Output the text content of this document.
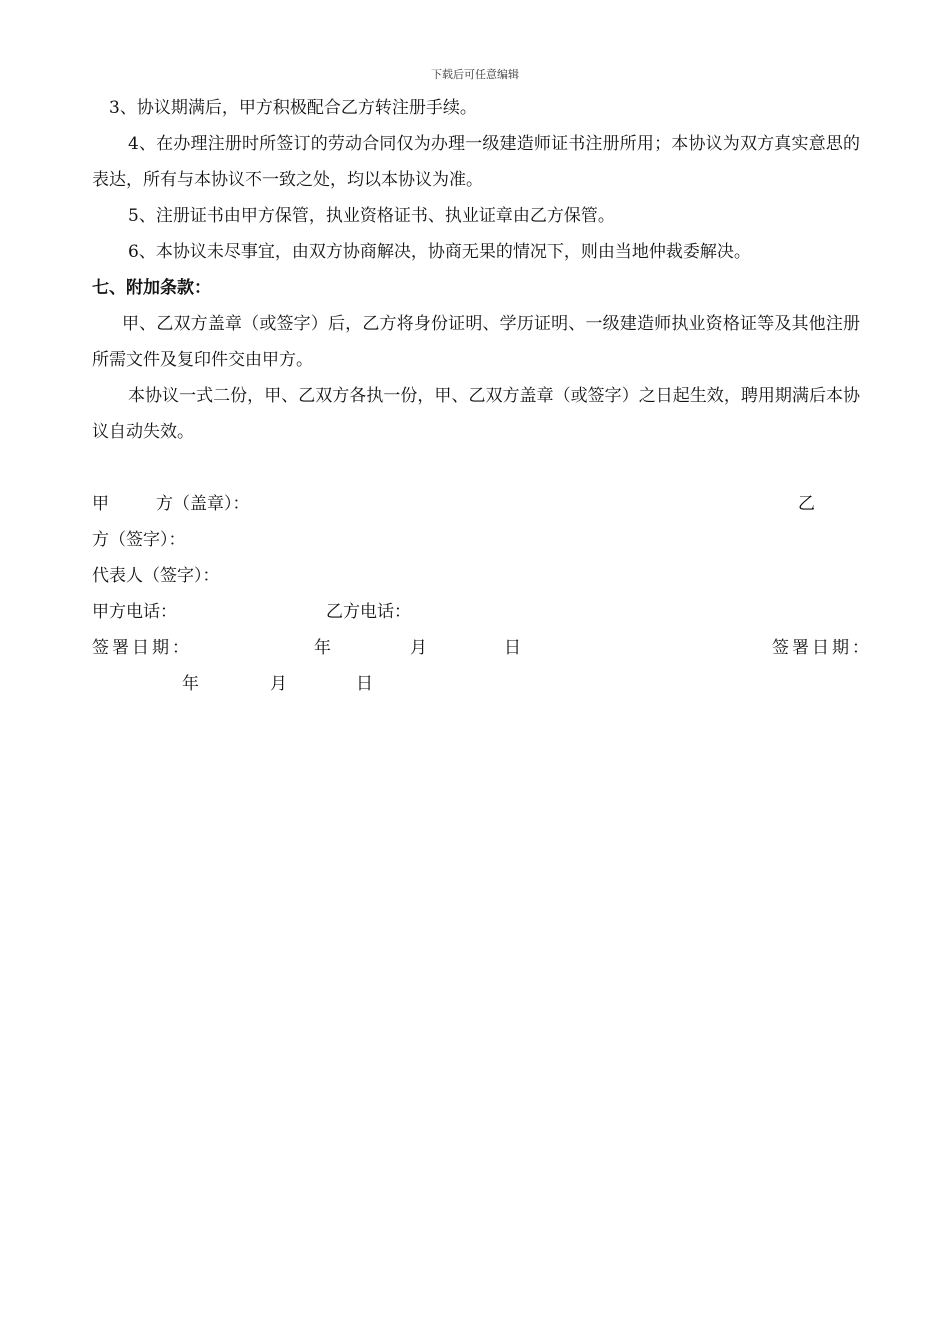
下载后可任意编辑

3、协议期满后，甲方积极配合乙方转注册手续。

4、在办理注册时所签订的劳动合同仅为办理一级建造师证书注册所用；本协议为双方真实意思的表达，所有与本协议不一致之处，均以本协议为准。

5、注册证书由甲方保管，执业资格证书、执业证章由乙方保管。

6、本协议未尽事宜，由双方协商解决，协商无果的情况下，则由当地仲裁委解决。

七、附加条款：

甲、乙双方盖章（或签字）后，乙方将身份证明、学历证明、一级建造师执业资格证等及其他注册所需文件及复印件交由甲方。

本协议一式二份，甲、乙双方各执一份，甲、乙双方盖章（或签字）之日起生效，聘用期满后本协议自动失效。

甲	方（盖章）：	乙
方（签字）：
代表人（签字）：
甲方电话：	乙方电话：
签署日期：	年	月	日	签署日期：
年	月	日
